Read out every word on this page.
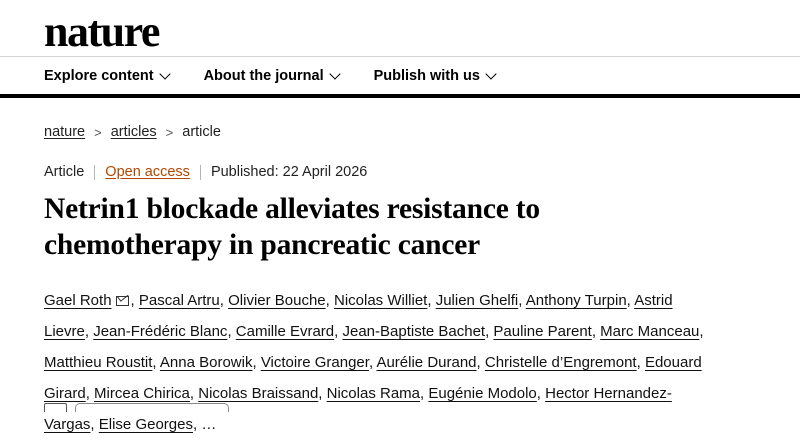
nature
Explore content	About the journal	Publish with us
nature > articles > article
Article Open access Published: 22 April 2026
Netrin1 blockade alleviates resistance to chemotherapy in pancreatic cancer
Gael Roth , Pascal Artru, Olivier Bouche, Nicolas Williet, Julien Ghelfi, Anthony Turpin, Astrid Lievre, Jean-Frédéric Blanc, Camille Evrard, Jean-Baptiste Bachet, Pauline Parent, Marc Manceau, Matthieu Roustit, Anna Borowik, Victoire Granger, Aurélie Durand, Christelle d’Engremont, Edouard Girard, Mircea Chirica, Nicolas Braissand, Nicolas Rama, Eugénie Modolo, Hector Hernandez-Vargas, Elise Georges, …
